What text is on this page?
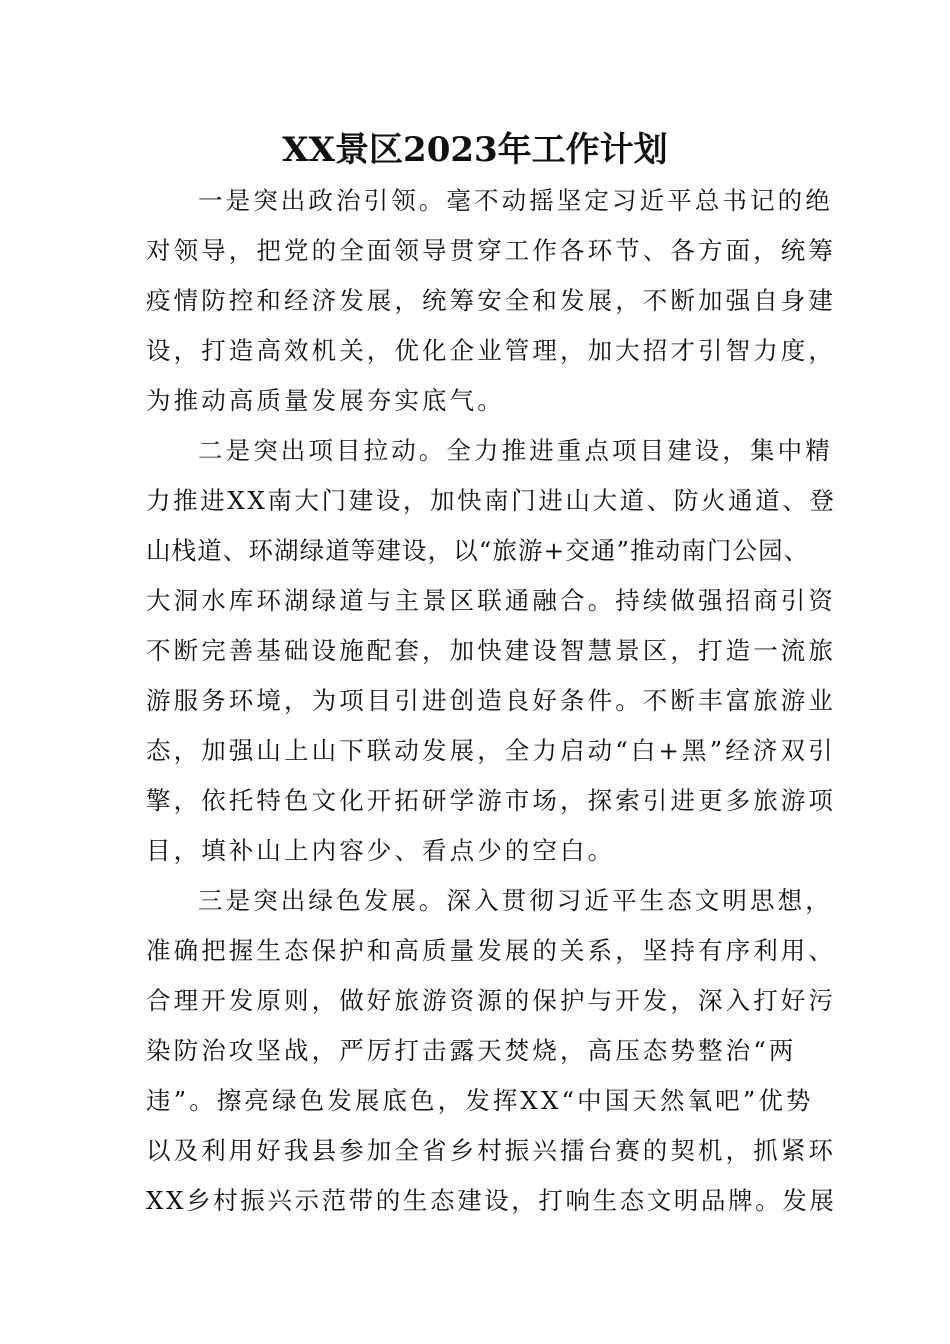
XX景区2023年工作计划
一是突出政治引领。毫不动摇坚定习近平总书记的绝
对领导，把党的全面领导贯穿工作各环节、各方面，统筹
疫情防控和经济发展，统筹安全和发展，不断加强自身建
设，打造高效机关，优化企业管理，加大招才引智力度，
为推动高质量发展夯实底气。
二是突出项目拉动。全力推进重点项目建设，集中精
力推进XX南大门建设，加快南门进山大道、防火通道、登
山栈道、环湖绿道等建设，以“旅游+交通”推动南门公园、
大洞水库环湖绿道与主景区联通融合。持续做强招商引资
不断完善基础设施配套，加快建设智慧景区，打造一流旅
游服务环境，为项目引进创造良好条件。不断丰富旅游业
态，加强山上山下联动发展，全力启动“白+黑”经济双引
擎，依托特色文化开拓研学游市场，探索引进更多旅游项
目，填补山上内容少、看点少的空白。
三是突出绿色发展。深入贯彻习近平生态文明思想，
准确把握生态保护和高质量发展的关系，坚持有序利用、
合理开发原则，做好旅游资源的保护与开发，深入打好污
染防治攻坚战，严厉打击露天焚烧，高压态势整治“两
违”。擦亮绿色发展底色，发挥XX“中国天然氧吧”优势
以及利用好我县参加全省乡村振兴擂台赛的契机，抓紧环
XX乡村振兴示范带的生态建设，打响生态文明品牌。发展
